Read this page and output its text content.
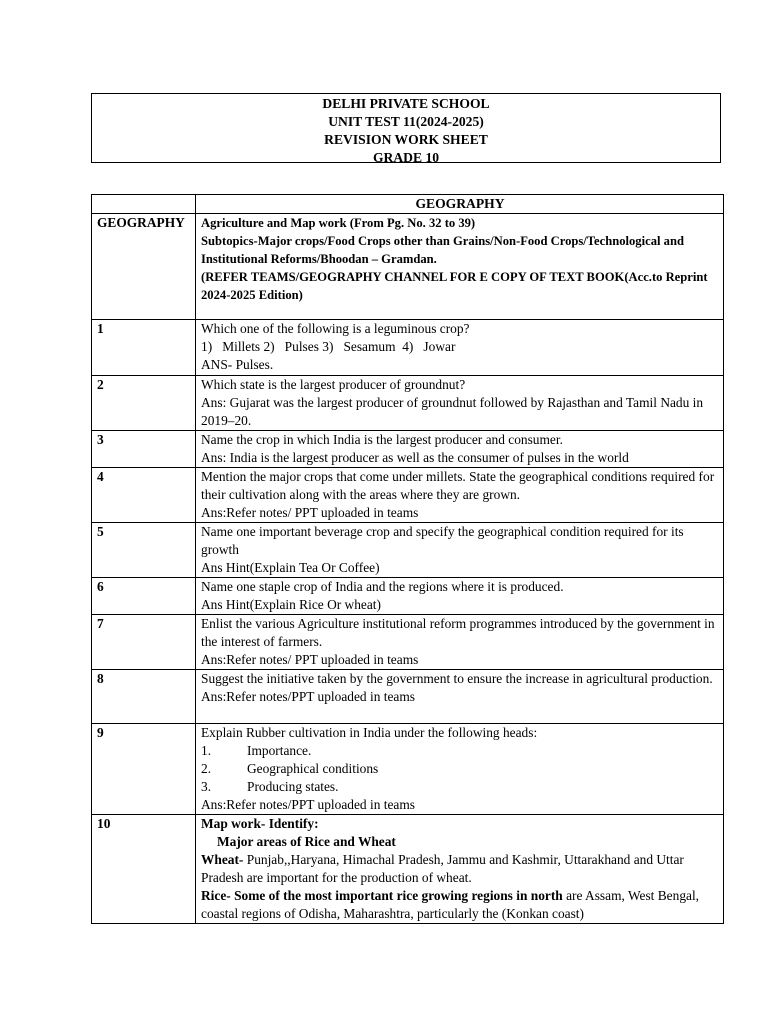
DELHI PRIVATE SCHOOL
UNIT TEST 11(2024-2025)
REVISION WORK SHEET
GRADE 10
	GEOGRAPHY
GEOGRAPHY	Agriculture and Map work (From Pg. No. 32 to 39)
Subtopics-Major crops/Food Crops other than Grains/Non-Food Crops/Technological and Institutional Reforms/Bhoodan – Gramdan.
(REFER TEAMS/GEOGRAPHY CHANNEL FOR E COPY OF TEXT BOOK(Acc.to Reprint 2024-2025 Edition)

1	Which one of the following is a leguminous crop?
1)   Millets 2)   Pulses 3)   Sesamum  4)   Jowar
ANS- Pulses.

2	Which state is the largest producer of groundnut?
Ans: Gujarat was the largest producer of groundnut followed by Rajasthan and Tamil Nadu in 2019–20.

3	Name the crop in which India is the largest producer and consumer.
Ans: India is the largest producer as well as the consumer of pulses in the world

4	Mention the major crops that come under millets. State the geographical conditions required for their cultivation along with the areas where they are grown.
Ans:Refer notes/ PPT uploaded in teams

5	Name one important beverage crop and specify the geographical condition required for its growth
Ans Hint(Explain Tea Or Coffee)

6	Name one staple crop of India and the regions where it is produced.
Ans Hint(Explain Rice Or wheat)

7	Enlist the various Agriculture institutional reform programmes introduced by the government in the interest of farmers.
Ans:Refer notes/ PPT uploaded in teams

8	Suggest the initiative taken by the government to ensure the increase in agricultural production.
Ans:Refer notes/PPT uploaded in teams

9	Explain Rubber cultivation in India under the following heads:
1. Importance.
2. Geographical conditions
3. Producing states.
Ans:Refer notes/PPT uploaded in teams

10	Map work- Identify:
Major areas of Rice and Wheat
Wheat- Punjab,,Haryana, Himachal Pradesh, Jammu and Kashmir, Uttarakhand and Uttar Pradesh are important for the production of wheat.
Rice- Some of the most important rice growing regions in north are Assam, West Bengal, coastal regions of Odisha, Maharashtra, particularly the (Konkan coast)
